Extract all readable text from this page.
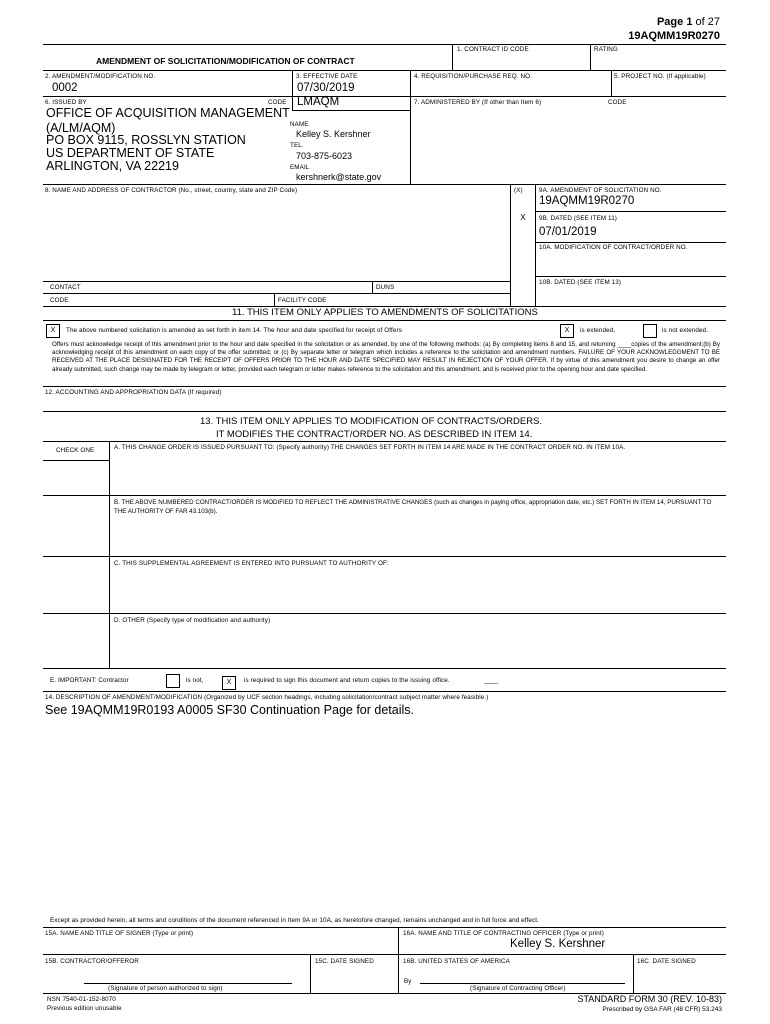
Page 1 of 27
19AQMM19R0270
AMENDMENT OF SOLICITATION/MODIFICATION OF CONTRACT
1. CONTRACT ID CODE	RATING
2. AMENDMENT/MODIFICATION NO.
0002
3. EFFECTIVE DATE
07/30/2019
4. REQUISITION/PURCHASE REQ. NO.	5. PROJECT NO. (If applicable)
6. ISSUED BY	CODE LMAQM
OFFICE OF ACQUISITION MANAGEMENT
(A/LM/AQM)
PO BOX 9115, ROSSLYN STATION
US DEPARTMENT OF STATE
ARLINGTON, VA 22219
NAME
Kelley S. Kershner
TEL.
703-875-6023
EMAIL
kershnerk@state.gov
7. ADMINISTERED BY (If other than Item 6)	CODE
8. NAME AND ADDRESS OF CONTRACTOR (No., street, country, state and ZIP Code)	(X)	9A. AMENDMENT OF SOLICITATION NO.
19AQMM19R0270
X	9B. DATED (SEE ITEM 11)
07/01/2019
10A. MODIFICATION OF CONTRACT/ORDER NO.
10B. DATED (SEE ITEM 13)
CONTACT	DUNS
CODE	FACILITY CODE
11. THIS ITEM ONLY APPLIES TO AMENDMENTS OF SOLICITATIONS
X	The above numbered solicitation is amended as set forth in item 14. The hour and date specified for receipt of Offers	X	is extended,	is not extended.
Offers must acknowledge receipt of this amendment prior to the hour and date specified in the solicitation or as amended, by one of the following methods: (a) By completing items 8 and 15, and returning ____copies of the amendment;(b) By acknowledging receipt of this amendment on each copy of the offer submitted; or (c) By separate letter or telegram which includes a reference to the solicitation and amendment numbers. FAILURE OF YOUR ACKNOWLEDGMENT TO BE RECEIVED AT THE PLACE DESIGNATED FOR THE RECEIPT OF OFFERS PRIOR TO THE HOUR AND DATE SPECIFIED MAY RESULT IN REJECTION OF YOUR OFFER. If by virtue of this amendment you desire to change an offer already submitted, such change may be made by telegram or letter, provided each telegram or letter makes reference to the solicitation and this amendment, and is received prior to the opening hour and date specified.
12. ACCOUNTING AND APPROPRIATION DATA (If required)
13. THIS ITEM ONLY APPLIES TO MODIFICATION OF CONTRACTS/ORDERS.
IT MODIFIES THE CONTRACT/ORDER NO. AS DESCRIBED IN ITEM 14.
CHECK ONE	A. THIS CHANGE ORDER IS ISSUED PURSUANT TO: (Specify authority) THE CHANGES SET FORTH IN ITEM 14 ARE MADE IN THE CONTRACT ORDER NO. IN ITEM 10A.
B. THE ABOVE NUMBERED CONTRACT/ORDER IS MODIFIED TO REFLECT THE ADMINISTRATIVE CHANGES (such as changes in paying office, appropriation date, etc.) SET FORTH IN ITEM 14, PURSUANT TO THE AUTHORITY OF FAR 43.103(b).
C. THIS SUPPLEMENTAL AGREEMENT IS ENTERED INTO PURSUANT TO AUTHORITY OF:
D. OTHER (Specify type of modification and authority)
E. IMPORTANT: Contractor	is not,	X	is required to sign this document and return copies to the issuing office.	____
14. DESCRIPTION OF AMENDMENT/MODIFICATION (Organized by UCF section headings, including solicitation/contract subject matter where feasible.)
See 19AQMM19R0193 A0005 SF30 Continuation Page for details.
Except as provided herein, all terms and conditions of the document referenced in Item 9A or 10A, as heretofore changed, remains unchanged and in full force and effect.
15A. NAME AND TITLE OF SIGNER (Type or print)	16A. NAME AND TITLE OF CONTRACTING OFFICER (Type or print)
Kelley S. Kershner
15B. CONTRACTOR/OFFEROR	15C. DATE SIGNED	16B. UNITED STATES OF AMERICA	16C. DATE SIGNED
(Signature of person authorized to sign)
By
(Signature of Contracting Officer)
NSN 7540-01-152-8070
Previous edition unusable
STANDARD FORM 30 (REV. 10-83)
Prescribed by GSA FAR (48 CFR) 53.243
